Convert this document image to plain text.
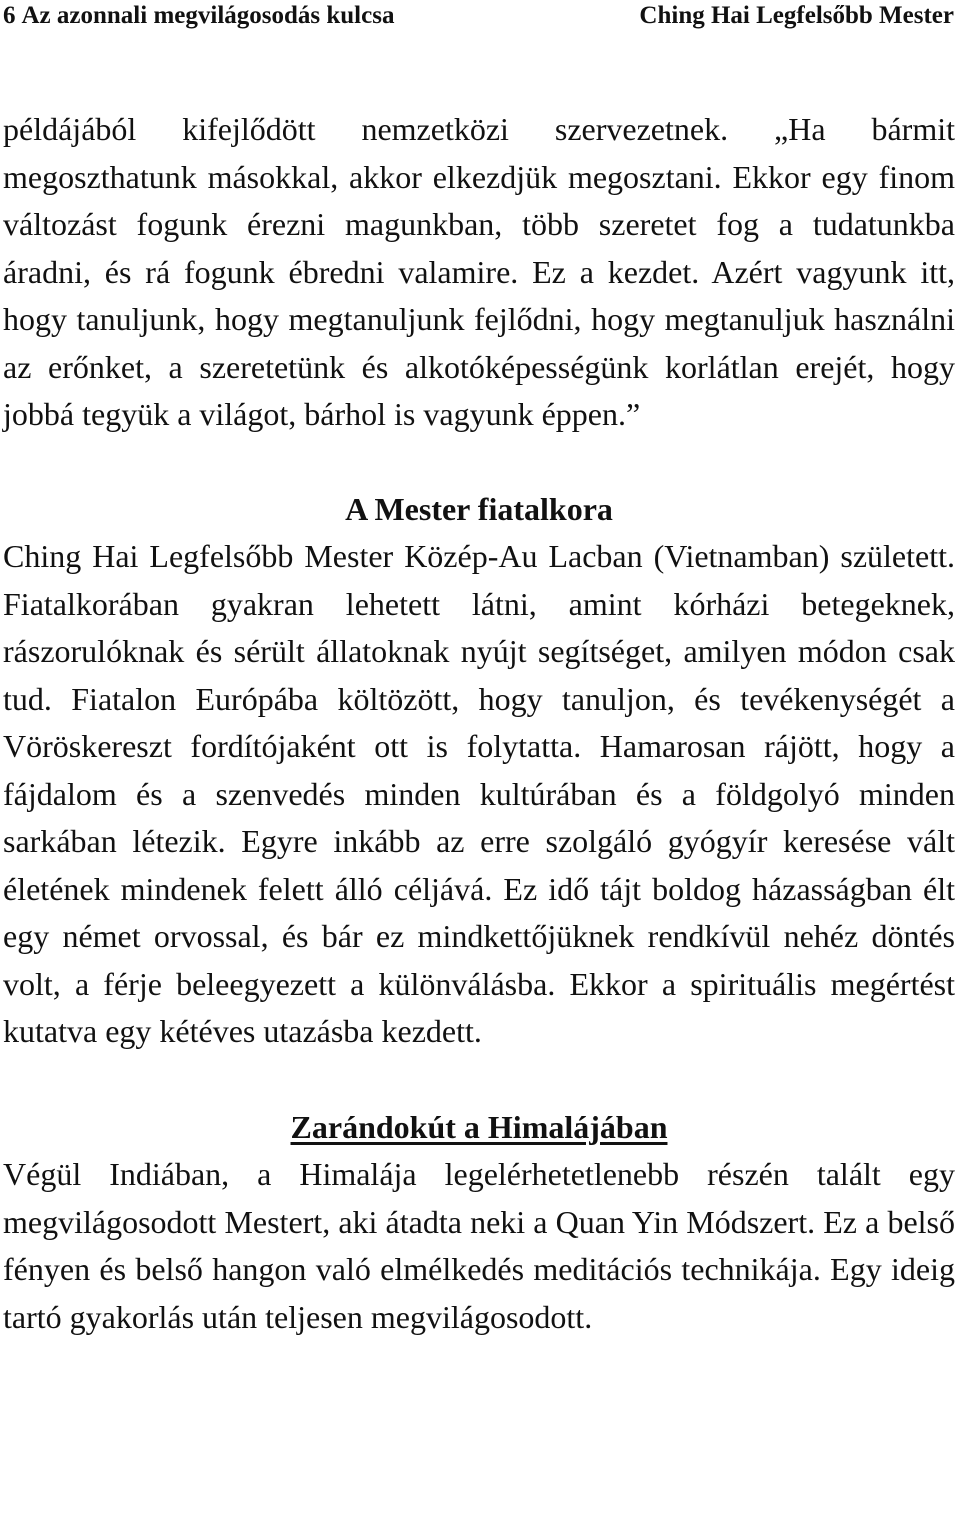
6 Az azonnali megvilágosodás kulcsa	Ching Hai Legfelsőbb Mester

példájából kifejlődött nemzetközi szervezetnek. „Ha bármit megoszthatunk másokkal, akkor elkezdjük megosztani. Ekkor egy finom változást fogunk érezni magunkban, több szeretet fog a tudatunkba áradni, és rá fogunk ébredni valamire. Ez a kezdet. Azért vagyunk itt, hogy tanuljunk, hogy megtanuljunk fejlődni, hogy megtanuljuk használni az erőnket, a szeretetünk és alkotóképességünk korlátlan erejét, hogy jobbá tegyük a világot, bárhol is vagyunk éppen.”

A Mester fiatalkora

Ching Hai Legfelsőbb Mester Közép-Au Lacban (Vietnamban) született. Fiatalkorában gyakran lehetett látni, amint kórházi betegeknek, rászorulóknak és sérült állatoknak nyújt segítséget, amilyen módon csak tud. Fiatalon Európába költözött, hogy tanuljon, és tevékenységét a Vöröskereszt fordítójaként ott is folytatta. Hamarosan rájött, hogy a fájdalom és a szenvedés minden kultúrában és a földgolyó minden sarkában létezik. Egyre inkább az erre szolgáló gyógyír keresése vált életének mindenek felett álló céljává. Ez idő tájt boldog házasságban élt egy német orvossal, és bár ez mindkettőjüknek rendkívül nehéz döntés volt, a férje beleegyezett a különválásba. Ekkor a spirituális megértést kutatva egy kétéves utazásba kezdett.

Zarándokút a Himalájában

Végül Indiában, a Himalája legelérhetetlenebb részén talált egy megvilágosodott Mestert, aki átadta neki a Quan Yin Módszert. Ez a belső fényen és belső hangon való elmélkedés meditációs technikája. Egy ideig tartó gyakorlás után teljesen megvilágosodott.
